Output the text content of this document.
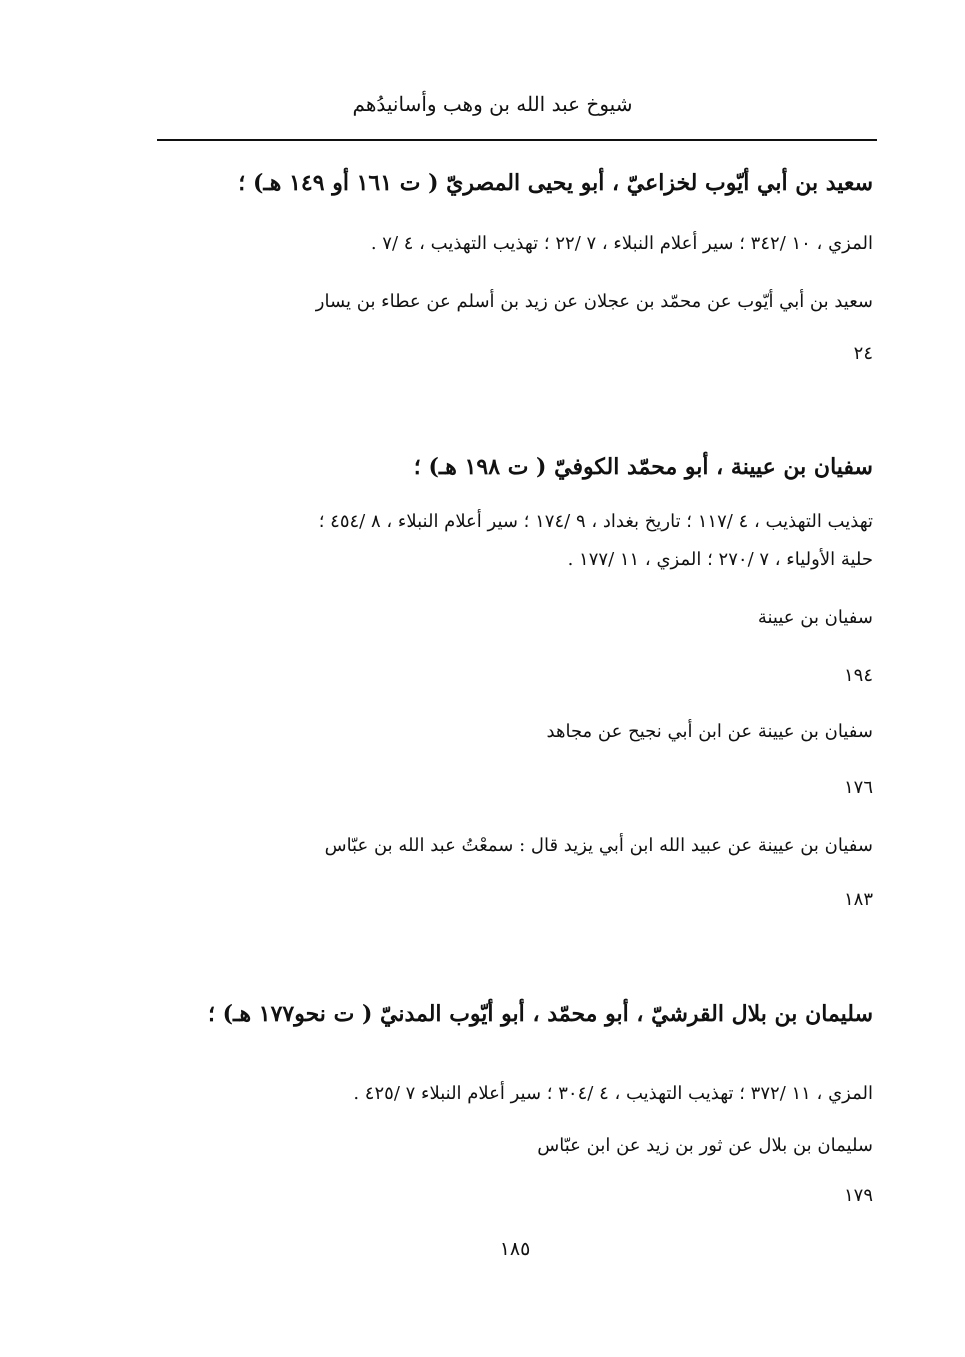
شيوخ عبد الله بن وهب وأسانيدُهم
سعيد بن أبي أيّوب لخزاعيّ ، أبو يحيى المصريّ ( ت ١٦١ أو ١٤٩ هـ) ؛
المزي ، ١٠ /٣٤٢ ؛ سير أعلام النبلاء ، ٧ /٢٢ ؛ تهذيب التهذيب ، ٤ /٧ .
سعيد بن أبي أيّوب عن محمّد بن عجلان عن زيد بن أسلم عن عطاء بن يسار
٢٤
سفيان بن عيينة ، أبو محمّد الكوفيّ ( ت ١٩٨ هـ) ؛
تهذيب التهذيب ، ٤ /١١٧ ؛ تاريخ بغداد ، ٩ /١٧٤ ؛ سير أعلام النبلاء ، ٨ /٤٥٤ ؛
حلية الأولياء ، ٧ /٢٧٠ ؛ المزي ، ١١ /١٧٧ .
سفيان بن عيينة
١٩٤
سفيان بن عيينة عن ابن أبي نجيح عن مجاهد
١٧٦
سفيان بن عيينة عن عبيد الله ابن أبي يزيد قال : سمعْتُ عبد الله بن عبّاس
١٨٣
سليمان بن بلال القرشيّ ، أبو محمّد ، أبو أيّوب المدنيّ ( ت نحو١٧٧ هـ) ؛
المزي ، ١١ /٣٧٢ ؛ تهذيب التهذيب ، ٤ /٣٠٤ ؛ سير أعلام النبلاء ٧ /٤٢٥ .
سليمان بن بلال عن ثور بن زيد عن ابن عبّاس
١٧٩
١٨٥
